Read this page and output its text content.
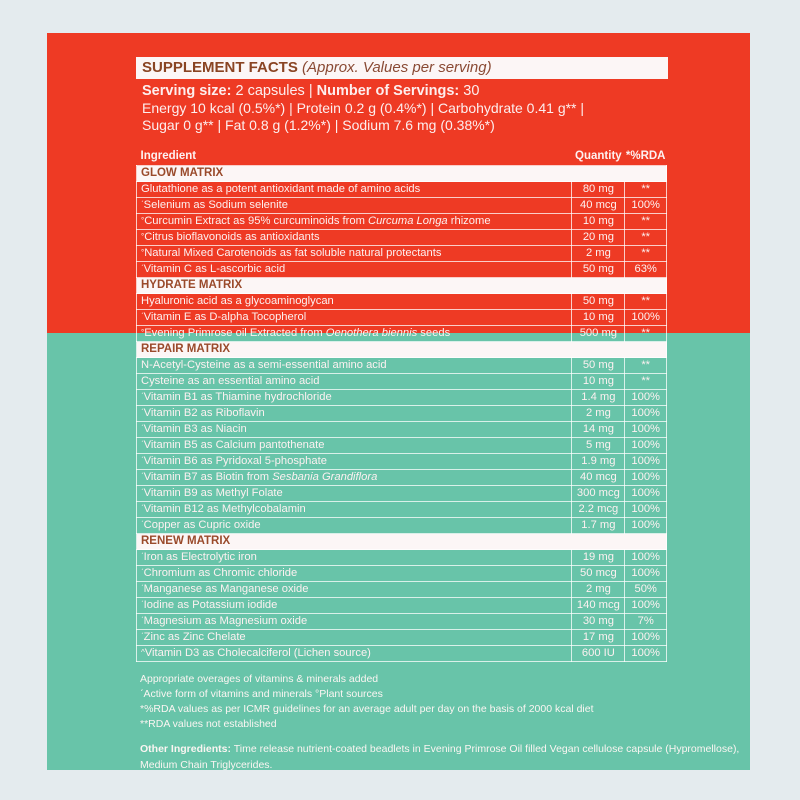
SUPPLEMENT FACTS (Approx. Values per serving)
Serving size: 2 capsules | Number of Servings: 30
Energy 10 kcal (0.5%*) | Protein 0.2 g (0.4%*) | Carbohydrate 0.41 g** |
Sugar 0 g** | Fat 0.8 g (1.2%*) | Sodium 7.6 mg (0.38%*)
Ingredient	Quantity	*%RDA
GLOW MATRIX		
Glutathione as a potent antioxidant made of amino acids	80 mg	**
$^ˊ$Selenium as Sodium selenite	40 mcg	100%
°Curcumin Extract as 95% curcuminoids from Curcuma Longa rhizome	10 mg	**
°Citrus bioflavonoids as antioxidants	20 mg	**
°Natural Mixed Carotenoids as fat soluble natural protectants	2 mg	**
$^ˊ$Vitamin C as L-ascorbic acid	50 mg	63%
HYDRATE MATRIX		
Hyaluronic acid as a glycoaminoglycan	50 mg	**
$^ˊ$Vitamin E as D-alpha Tocopherol	10 mg	100%
°Evening Primrose oil Extracted from Oenothera biennis seeds	500 mg	**
REPAIR MATRIX		
N-Acetyl-Cysteine as a semi-essential amino acid	50 mg	**
Cysteine as an essential amino acid	10 mg	**
$^ˊ$Vitamin B1 as Thiamine hydrochloride	1.4 mg	100%
$^ˊ$Vitamin B2 as Riboflavin	2 mg	100%
$^ˊ$Vitamin B3 as Niacin	14 mg	100%
$^ˊ$Vitamin B5 as Calcium pantothenate	5 mg	100%
$^ˊ$Vitamin B6 as Pyridoxal 5-phosphate	1.9 mg	100%
$^ˊ$Vitamin B7 as Biotin from Sesbania Grandiflora	40 mcg	100%
$^ˊ$Vitamin B9 as Methyl Folate	300 mcg	100%
$^ˊ$Vitamin B12 as Methylcobalamin	2.2 mcg	100%
$^ˊ$Copper as Cupric oxide	1.7 mg	100%
RENEW MATRIX		
$^ˊ$Iron as Electrolytic iron	19 mg	100%
$^ˊ$Chromium as Chromic chloride	50 mcg	100%
$^ˊ$Manganese as Manganese oxide	2 mg	50%
$^ˊ$Iodine as Potassium iodide	140 mcg	100%
$^ˊ$Magnesium as Magnesium oxide	30 mg	7%
$^ˊ$Zinc as Zinc Chelate	17 mg	100%
^Vitamin D3 as Cholecalciferol (Lichen source)	600 IU	100%
Appropriate overages of vitamins & minerals added
ˊActive form of vitamins and minerals °Plant sources
*%RDA values as per ICMR guidelines for an average adult per day on the basis of 2000 kcal diet
**RDA values not established
Other Ingredients: Time release nutrient-coated beadlets in Evening Primrose Oil filled Vegan cellulose capsule (Hypromellose), Medium Chain Triglycerides.
